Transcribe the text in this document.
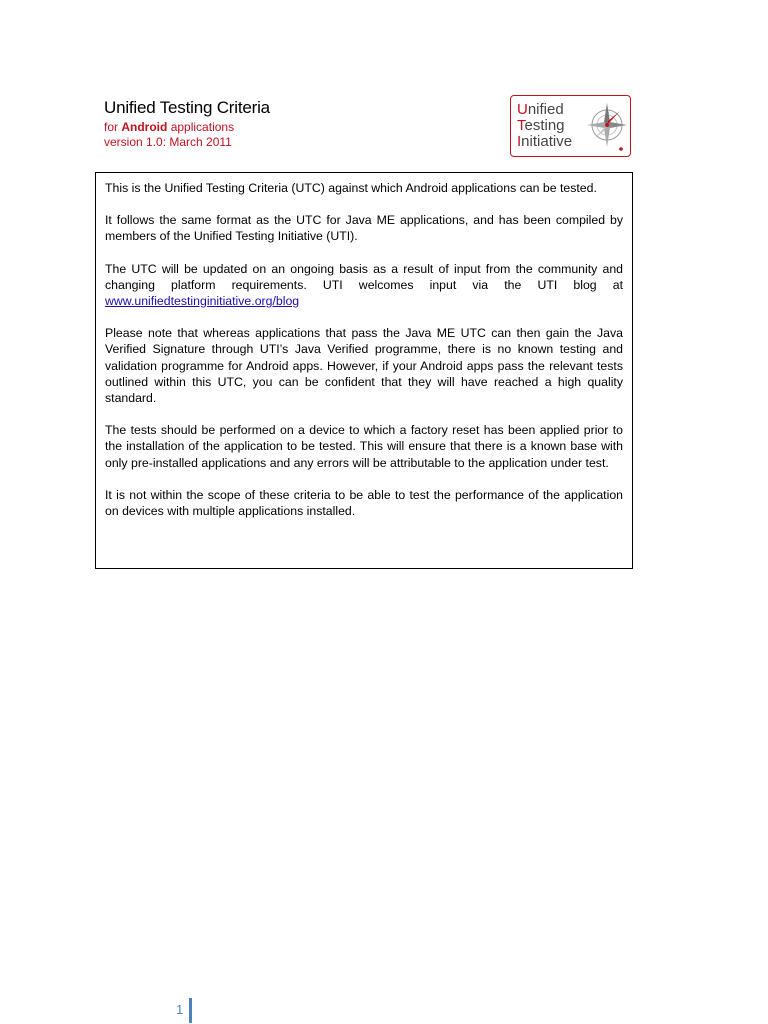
Unified Testing Criteria
for Android applications
version 1.0: March 2011
Unified
Testing
Initiative

This is the Unified Testing Criteria (UTC) against which Android applications can be tested.

It follows the same format as the UTC for Java ME applications, and has been compiled by members of the Unified Testing Initiative (UTI).

The UTC will be updated on an ongoing basis as a result of input from the community and changing platform requirements. UTI welcomes input via the UTI blog at www.unifiedtestinginitiative.org/blog

Please note that whereas applications that pass the Java ME UTC can then gain the Java Verified Signature through UTI’s Java Verified programme, there is no known testing and validation programme for Android apps. However, if your Android apps pass the relevant tests outlined within this UTC, you can be confident that they will have reached a high quality standard.

The tests should be performed on a device to which a factory reset has been applied prior to the installation of the application to be tested. This will ensure that there is a known base with only pre-installed applications and any errors will be attributable to the application under test.

It is not within the scope of these criteria to be able to test the performance of the application on devices with multiple applications installed.

1
